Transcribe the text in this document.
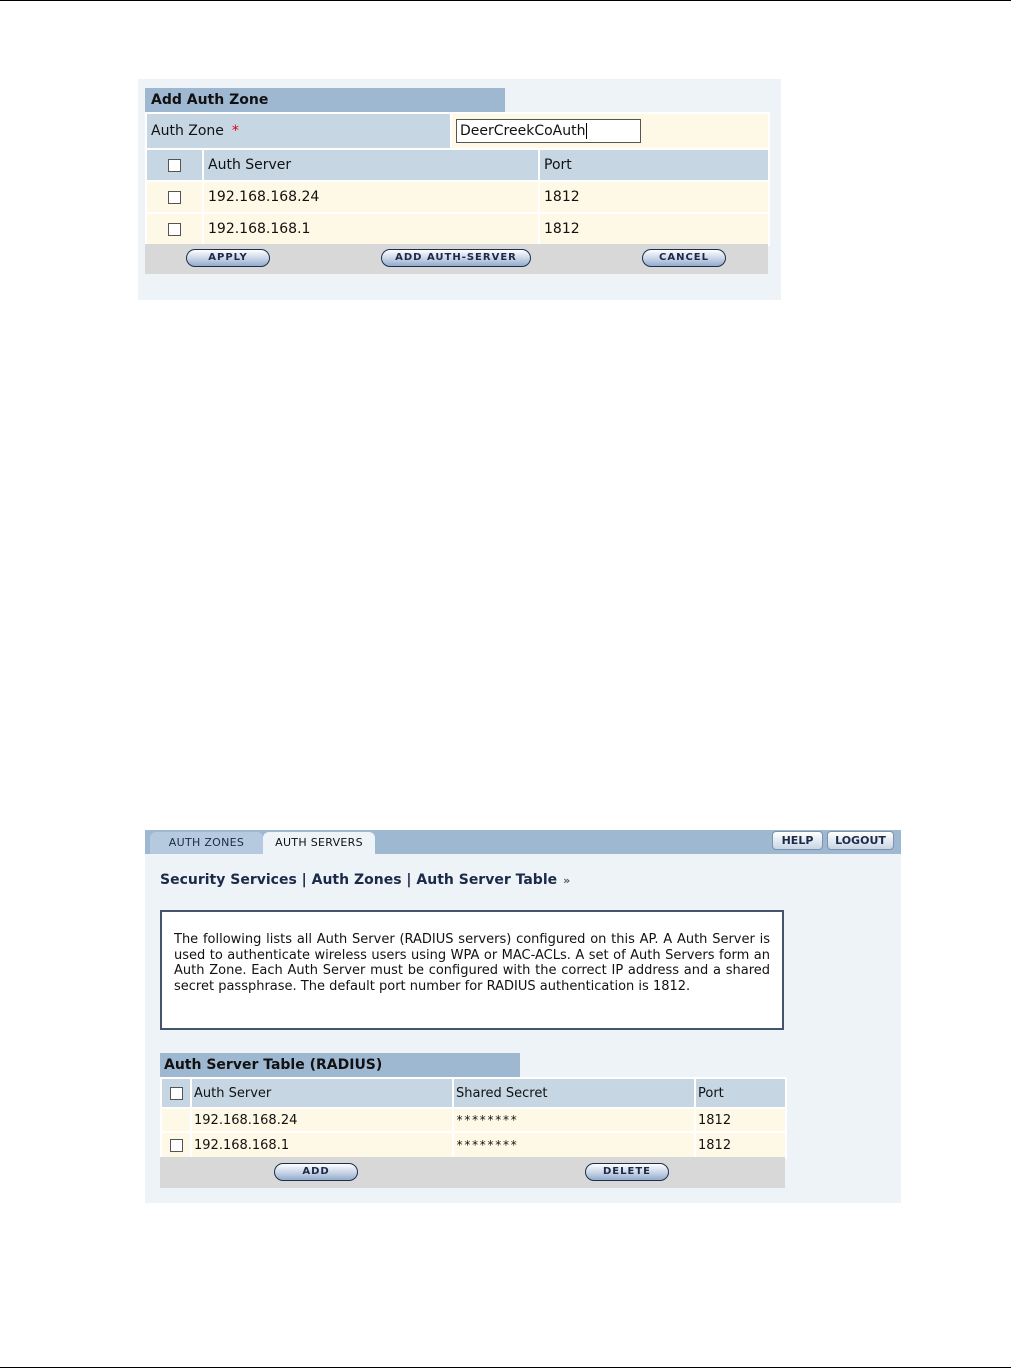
Add Auth Zone
Auth Zone *	DeerCreekCoAuth
	Auth Server	Port
	192.168.168.24	1812
	192.168.168.1	1812
APPLY	ADD AUTH-SERVER	CANCEL
AUTH ZONES	AUTH SERVERS	HELP	LOGOUT
Security Services | Auth Zones | Auth Server Table »
The following lists all Auth Server (RADIUS servers) configured on this AP. A Auth Server is used to authenticate wireless users using WPA or MAC-ACLs. A set of Auth Servers form an Auth Zone. Each Auth Server must be configured with the correct IP address and a shared secret passphrase. The default port number for RADIUS authentication is 1812.
Auth Server Table (RADIUS)
	Auth Server	Shared Secret	Port
	192.168.168.24	********	1812
	192.168.168.1	********	1812
ADD	DELETE
